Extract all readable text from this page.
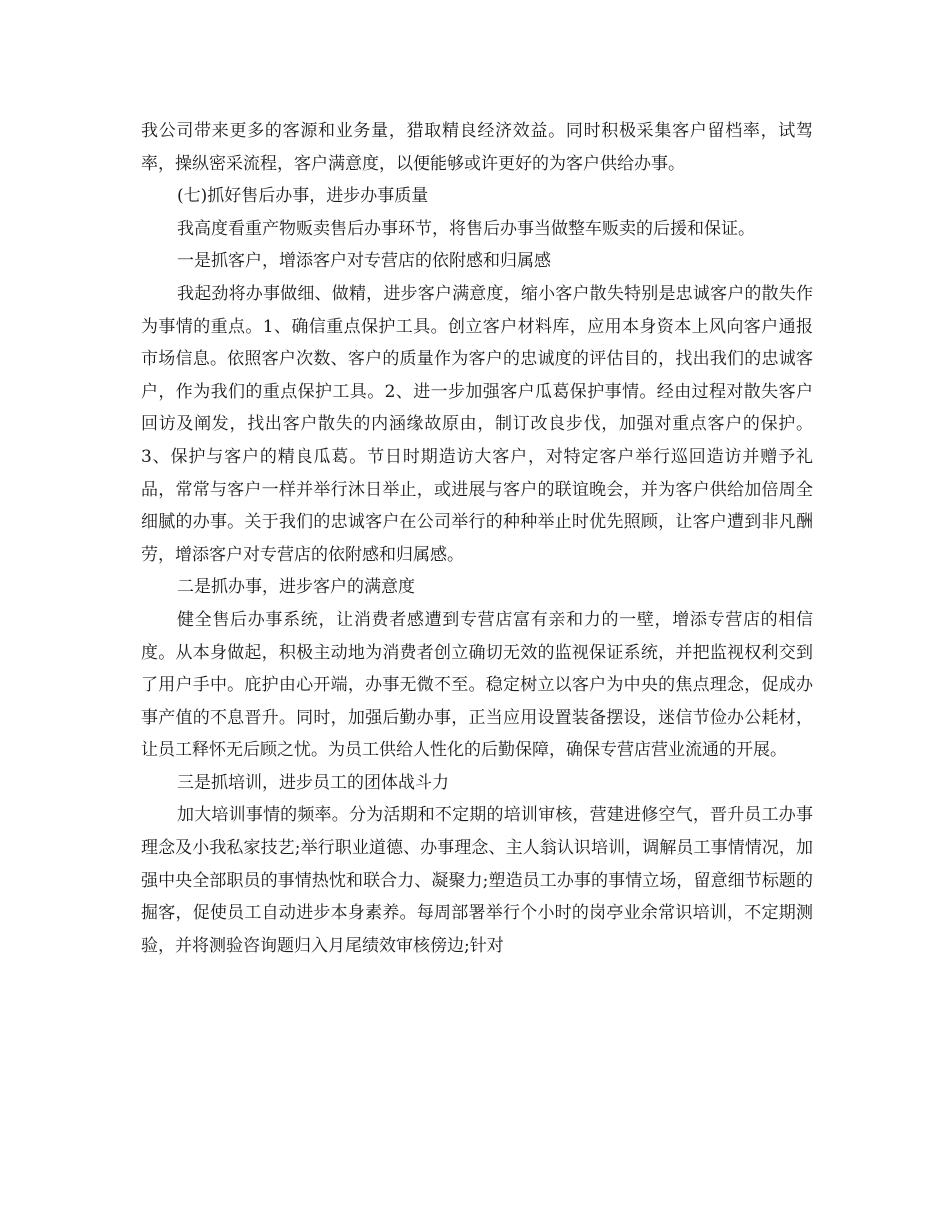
我公司带来更多的客源和业务量，猎取精良经济效益。同时积极采集客户留档率，试驾率，操纵密采流程，客户满意度，以便能够或许更好的为客户供给办事。

(七)抓好售后办事，进步办事质量

我高度看重产物贩卖售后办事环节，将售后办事当做整车贩卖的后援和保证。

一是抓客户，增添客户对专营店的依附感和归属感

我起劲将办事做细、做精，进步客户满意度，缩小客户散失特别是忠诚客户的散失作为事情的重点。1、确信重点保护工具。创立客户材料库，应用本身资本上风向客户通报市场信息。依照客户次数、客户的质量作为客户的忠诚度的评估目的，找出我们的忠诚客户，作为我们的重点保护工具。2、进一步加强客户瓜葛保护事情。经由过程对散失客户回访及阐发，找出客户散失的内涵缘故原由，制订改良步伐，加强对重点客户的保护。3、保护与客户的精良瓜葛。节日时期造访大客户，对特定客户举行巡回造访并赠予礼品，常常与客户一样并举行沐日举止，或进展与客户的联谊晚会，并为客户供给加倍周全细腻的办事。关于我们的忠诚客户在公司举行的种种举止时优先照顾，让客户遭到非凡酬劳，增添客户对专营店的依附感和归属感。

二是抓办事，进步客户的满意度

健全售后办事系统，让消费者感遭到专营店富有亲和力的一壁，增添专营店的相信度。从本身做起，积极主动地为消费者创立确切无效的监视保证系统，并把监视权利交到了用户手中。庇护由心开端，办事无微不至。稳定树立以客户为中央的焦点理念，促成办事产值的不息晋升。同时，加强后勤办事，正当应用设置装备摆设，迷信节俭办公耗材，让员工释怀无后顾之忧。为员工供给人性化的后勤保障，确保专营店营业流通的开展。

三是抓培训，进步员工的团体战斗力

加大培训事情的频率。分为活期和不定期的培训审核，营建进修空气，晋升员工办事理念及小我私家技艺;举行职业道德、办事理念、主人翁认识培训，调解员工事情情况，加强中央全部职员的事情热忱和联合力、凝聚力;塑造员工办事的事情立场，留意细节标题的掘客，促使员工自动进步本身素养。每周部署举行个小时的岗亭业余常识培训，不定期测验，并将测验咨询题归入月尾绩效审核傍边;针对
